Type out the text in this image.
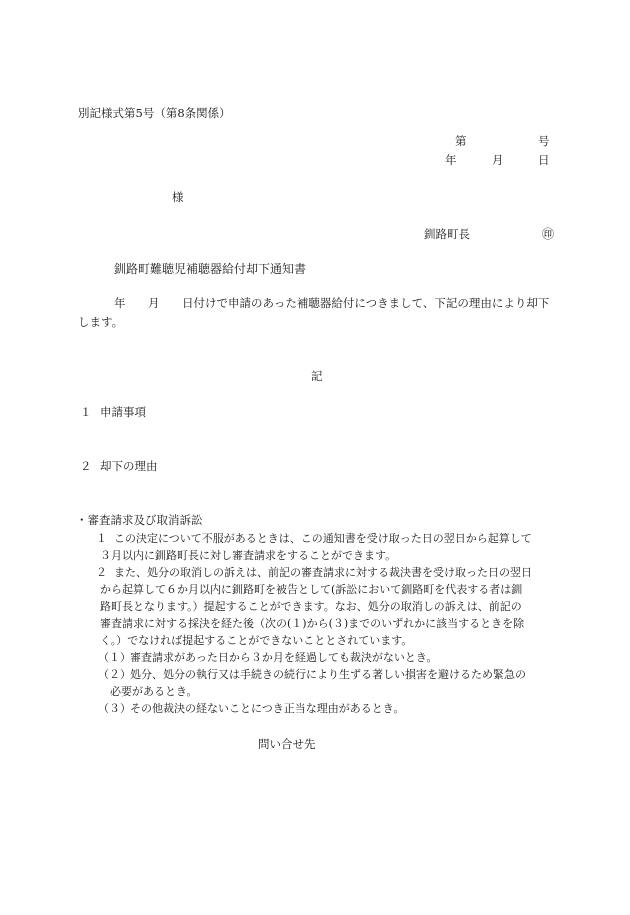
別記様式第5号（第8条関係）
第	号
年	月	日
様
釧路町長	㊞
釧路町難聴児補聴器給付却下通知書
年 月 日付けで申請のあった補聴器給付につきまして、下記の理由により却下
します。
記
１ 申請事項
２ 却下の理由
・審査請求及び取消訴訟
１ この決定について不服があるときは、この通知書を受け取った日の翌日から起算して
３月以内に釧路町長に対し審査請求をすることができます。
２ また、処分の取消しの訴えは、前記の審査請求に対する裁決書を受け取った日の翌日
から起算して６か月以内に釧路町を被告として(訴訟において釧路町を代表する者は釧
路町長となります。）提起することができます。なお、処分の取消しの訴えは、前記の
審査請求に対する採決を経た後（次の(１)から(３)までのいずれかに該当するときを除
く。）でなければ提起することができないこととされています。
（１） 審査請求があった日から３か月を経過しても裁決がないとき。
（２） 処分、処分の執行又は手続きの続行により生ずる著しい損害を避けるため緊急の
必要があるとき。
（３） その他裁決の経ないことにつき正当な理由があるとき。
問い合せ先
